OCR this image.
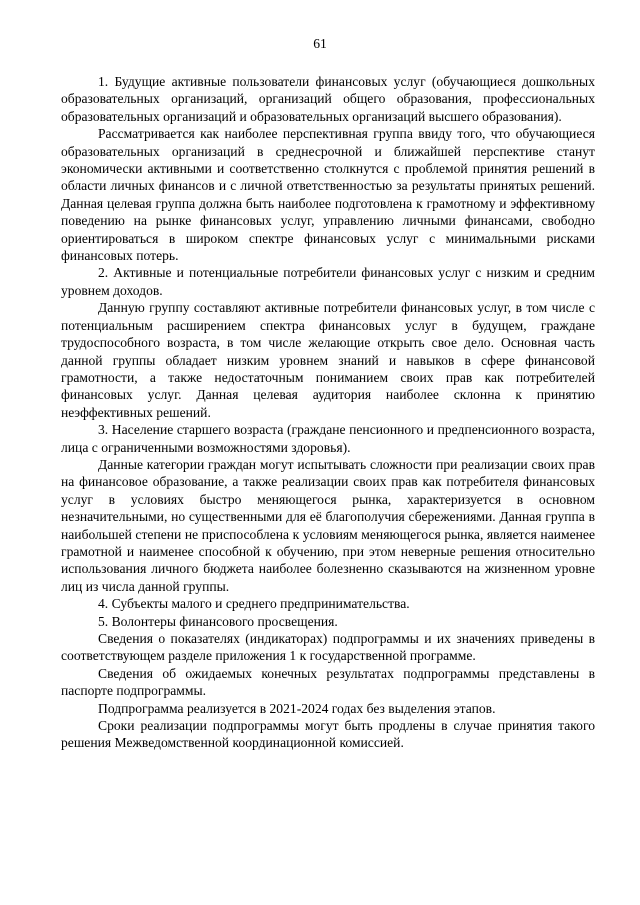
61

1. Будущие активные пользователи финансовых услуг (обучающиеся дошкольных образовательных организаций, организаций общего образования, профессиональных образовательных организаций и образовательных организаций высшего образования).

Рассматривается как наиболее перспективная группа ввиду того, что обучающиеся образовательных организаций в среднесрочной и ближайшей перспективе станут экономически активными и соответственно столкнутся с проблемой принятия решений в области личных финансов и с личной ответственностью за результаты принятых решений. Данная целевая группа должна быть наиболее подготовлена к грамотному и эффективному поведению на рынке финансовых услуг, управлению личными финансами, свободно ориентироваться в широком спектре финансовых услуг с минимальными рисками финансовых потерь.

2. Активные и потенциальные потребители финансовых услуг с низким и средним уровнем доходов.

Данную группу составляют активные потребители финансовых услуг, в том числе с потенциальным расширением спектра финансовых услуг в будущем, граждане трудоспособного возраста, в том числе желающие открыть свое дело. Основная часть данной группы обладает низким уровнем знаний и навыков в сфере финансовой грамотности, а также недостаточным пониманием своих прав как потребителей финансовых услуг. Данная целевая аудитория наиболее склонна к принятию неэффективных решений.

3. Население старшего возраста (граждане пенсионного и предпенсионного возраста, лица с ограниченными возможностями здоровья).

Данные категории граждан могут испытывать сложности при реализации своих прав на финансовое образование, а также реализации своих прав как потребителя финансовых услуг в условиях быстро меняющегося рынка, характеризуется в основном незначительными, но существенными для её благополучия сбережениями. Данная группа в наибольшей степени не приспособлена к условиям меняющегося рынка, является наименее грамотной и наименее способной к обучению, при этом неверные решения относительно использования личного бюджета наиболее болезненно сказываются на жизненном уровне лиц из числа данной группы.

4. Субъекты малого и среднего предпринимательства.

5. Волонтеры финансового просвещения.

Сведения о показателях (индикаторах) подпрограммы и их значениях приведены в соответствующем разделе приложения 1 к государственной программе.

Сведения об ожидаемых конечных результатах подпрограммы представлены в паспорте подпрограммы.

Подпрограмма реализуется в 2021-2024 годах без выделения этапов.

Сроки реализации подпрограммы могут быть продлены в случае принятия такого решения Межведомственной координационной комиссией.
